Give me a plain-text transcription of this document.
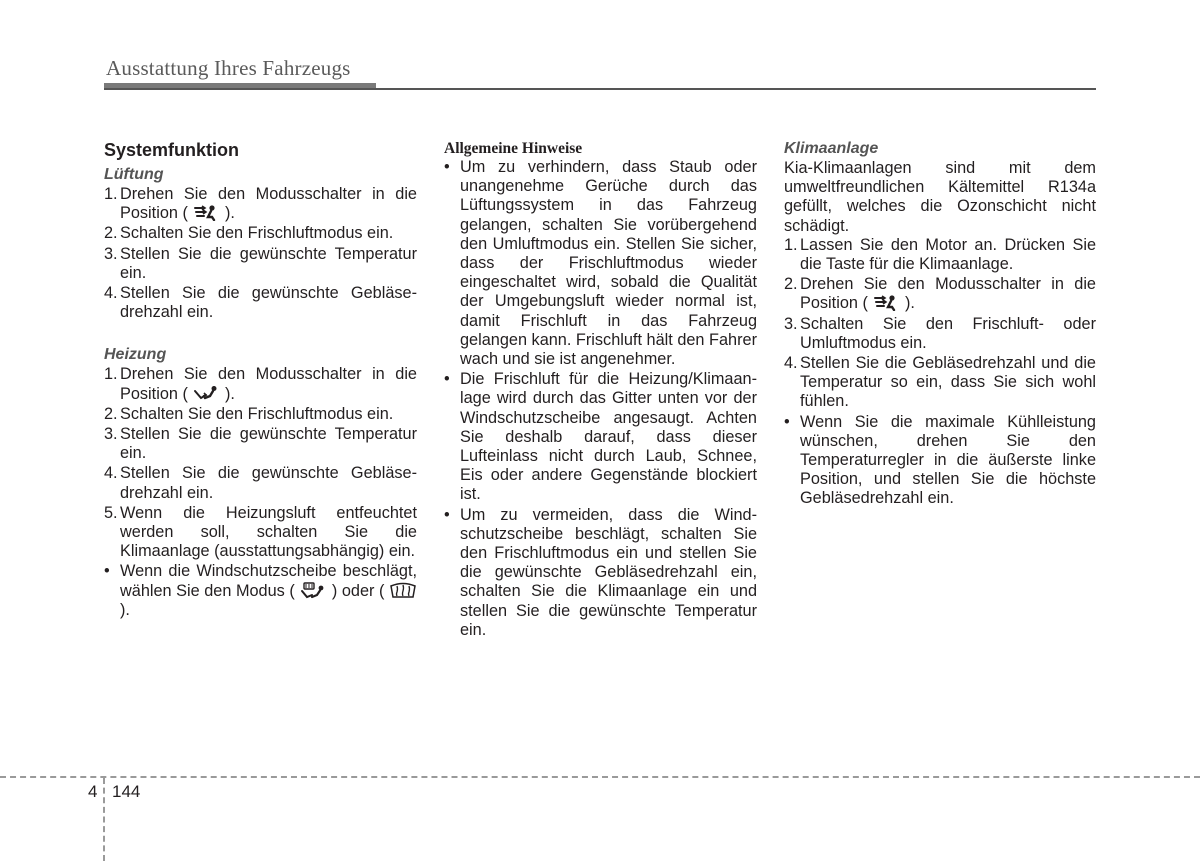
Ausstattung Ihres Fahrzeugs
Systemfunktion
Lüftung
1. Drehen Sie den Modusschalter in die Position ( ).
2. Schalten Sie den Frischluftmodus ein.
3. Stellen Sie die gewünschte Temperatur ein.
4. Stellen Sie die gewünschte Gebläse-drehzahl ein.
Heizung
1. Drehen Sie den Modusschalter in die Position ( ).
2. Schalten Sie den Frischluftmodus ein.
3. Stellen Sie die gewünschte Temperatur ein.
4. Stellen Sie die gewünschte Gebläse-drehzahl ein.
5. Wenn die Heizungsluft entfeuchtet werden soll, schalten Sie die Klimaanlage (ausstattungsabhängig) ein.
• Wenn die Windschutzscheibe beschlägt, wählen Sie den Modus ( ) oder (
).
Allgemeine Hinweise
• Um zu verhindern, dass Staub oder unangenehme Gerüche durch das Lüftungssystem in das Fahrzeug gelangen, schalten Sie vorübergehend den Umluftmodus ein. Stellen Sie sicher, dass der Frischluftmodus wieder eingeschaltet wird, sobald die Qualität der Umgebungsluft wieder normal ist, damit Frischluft in das Fahrzeug gelangen kann. Frischluft hält den Fahrer wach und sie ist angenehmer.
• Die Frischluft für die Heizung/Klimaan-lage wird durch das Gitter unten vor der Windschutzscheibe angesaugt. Achten Sie deshalb darauf, dass dieser Lufteinlass nicht durch Laub, Schnee, Eis oder andere Gegenstände blockiert ist.
• Um zu vermeiden, dass die Wind-schutzscheibe beschlägt, schalten Sie den Frischluftmodus ein und stellen Sie die gewünschte Gebläsedrehzahl ein, schalten Sie die Klimaanlage ein und stellen Sie die gewünschte Temperatur ein.
Klimaanlage
Kia-Klimaanlagen sind mit dem umweltfreundlichen Kältemittel R134a gefüllt, welches die Ozonschicht nicht schädigt.
1. Lassen Sie den Motor an. Drücken Sie die Taste für die Klimaanlage.
2. Drehen Sie den Modusschalter in die Position ( ).
3. Schalten Sie den Frischluft- oder Umluftmodus ein.
4. Stellen Sie die Gebläsedrehzahl und die Temperatur so ein, dass Sie sich wohl fühlen.
• Wenn Sie die maximale Kühlleistung wünschen, drehen Sie den Temperaturregler in die äußerste linke Position, und stellen Sie die höchste Gebläsedrehzahl ein.
4 144
